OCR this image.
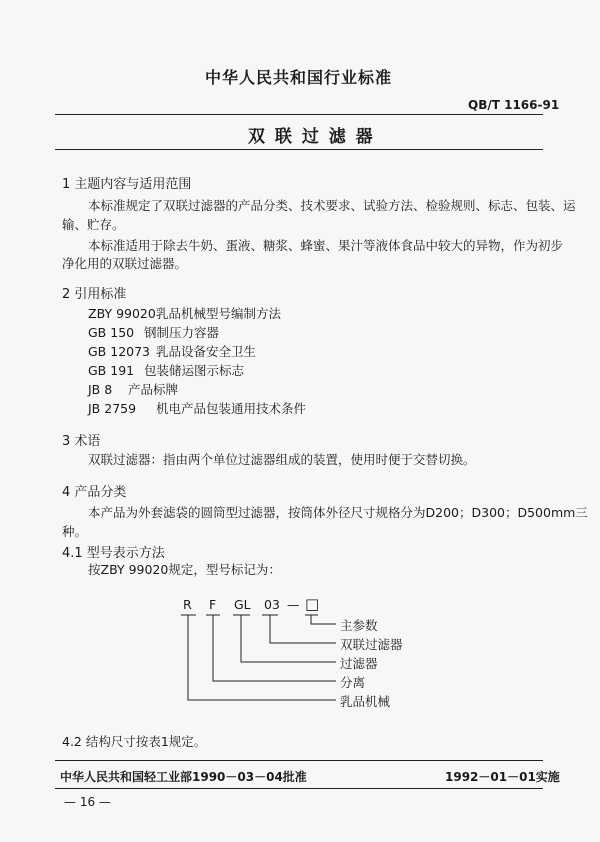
中华人民共和国行业标准
QB/T 1166-91
双 联 过 滤 器
1 主题内容与适用范围
本标准规定了双联过滤器的产品分类、技术要求、试验方法、检验规则、标志、包装、运
输、贮存。
本标准适用于除去牛奶、蛋液、糖浆、蜂蜜、果汁等液体食品中较大的异物，作为初步
净化用的双联过滤器。
2 引用标准
ZBY 99020 乳品机械型号编制方法
GB 150 钢制压力容器
GB 12073 乳品设备安全卫生
GB 191 包装储运图示标志
JB 8 产品标牌
JB 2759 机电产品包装通用技术条件
3 术语
双联过滤器：指由两个单位过滤器组成的装置，使用时便于交替切换。
4 产品分类
本产品为外套滤袋的圆筒型过滤器，按筒体外径尺寸规格分为D200；D300；D500mm三
种。
4.1 型号表示方法
按ZBY 99020规定，型号标记为：
R F GL 03 — □
主参数
双联过滤器
过滤器
分离
乳品机械
4.2 结构尺寸按表1规定。
中华人民共和国轻工业部1990－03－04批准	1992－01－01实施
— 16 —
